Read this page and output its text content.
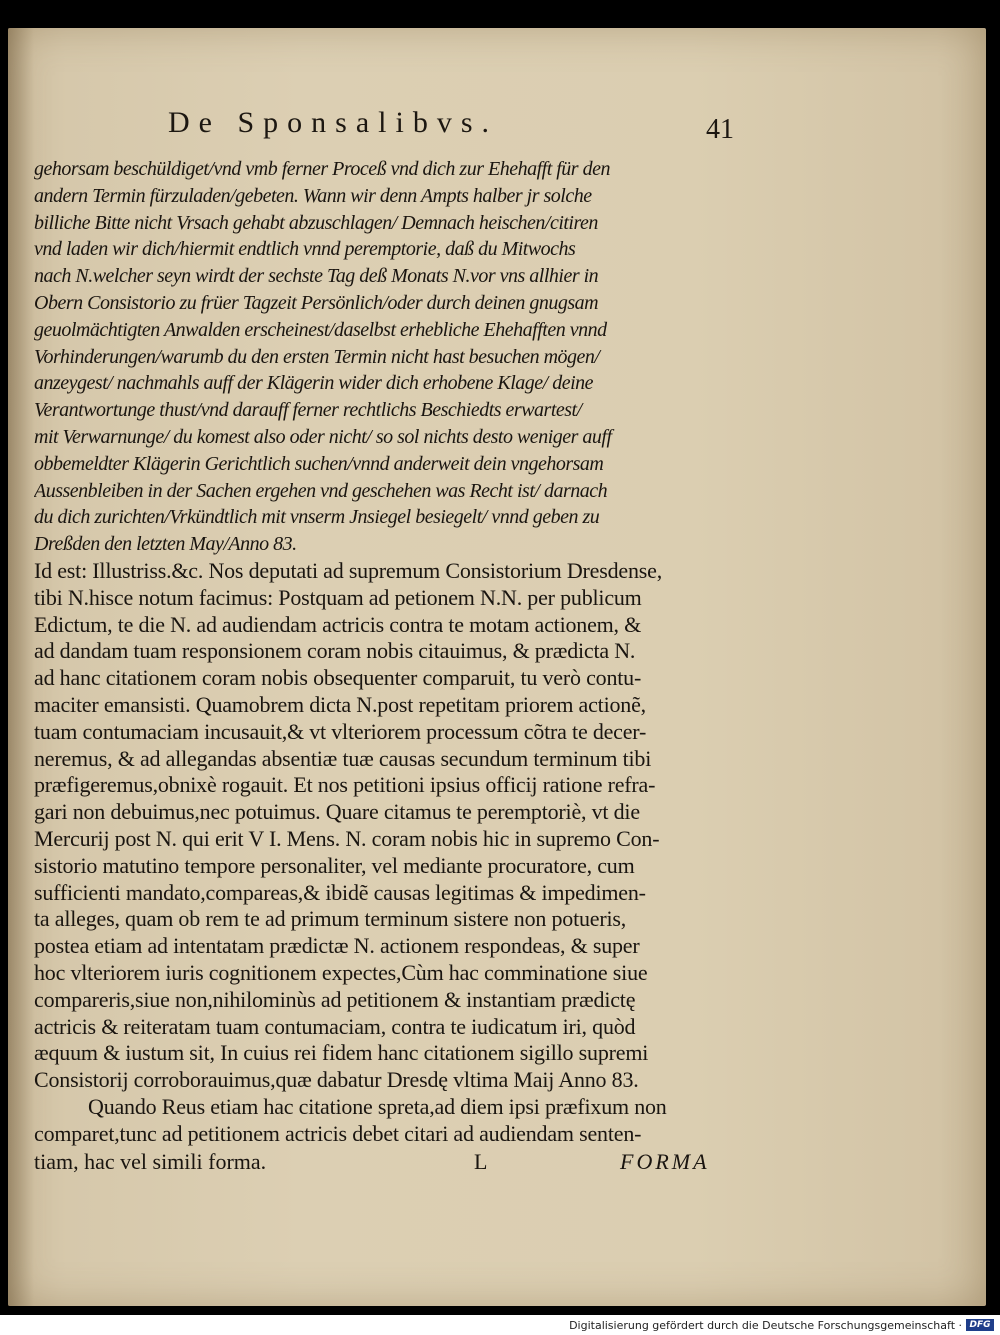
De Sponsalibvs.	41
gehorsam beschüldiget/vnd vmb ferner Proceß vnd dich zur Ehehafft für den
andern Termin fürzuladen/gebeten. Wann wir denn Ampts halber jr solche
billiche Bitte nicht Vrsach gehabt abzuschlagen/ Demnach heischen/citiren
vnd laden wir dich/hiermit endtlich vnnd peremptorie, daß du Mitwochs
nach N.welcher seyn wirdt der sechste Tag deß Monats N.vor vns allhier in
Obern Consistorio zu früer Tagzeit Persönlich/oder durch deinen gnugsam
geuolmächtigten Anwalden erscheinest/daselbst erhebliche Ehehafften vnnd
Vorhinderungen/warumb du den ersten Termin nicht hast besuchen mögen/
anzeygest/ nachmahls auff der Klägerin wider dich erhobene Klage/ deine
Verantwortunge thust/vnd darauff ferner rechtlichs Beschiedts erwartest/
mit Verwarnunge/ du komest also oder nicht/ so sol nichts desto weniger auff
obbemeldter Klägerin Gerichtlich suchen/vnnd anderweit dein vngehorsam
Aussenbleiben in der Sachen ergehen vnd geschehen was Recht ist/ darnach
du dich zurichten/Vrkündtlich mit vnserm Jnsiegel besiegelt/ vnnd geben zu
Dreßden den letzten May/Anno 83.
Id est: Illustriss.&c. Nos deputati ad supremum Consistorium Dresdense,
tibi N.hisce notum facimus: Postquam ad petionem N.N. per publicum
Edictum, te die N. ad audiendam actricis contra te motam actionem, &
ad dandam tuam responsionem coram nobis citauimus, & prædicta N.
ad hanc citationem coram nobis obsequenter comparuit, tu verò contu-
maciter emansisti. Quamobrem dicta N.post repetitam priorem actionẽ,
tuam contumaciam incusauit,& vt vlteriorem processum cõtra te decer-
neremus, & ad allegandas absentiæ tuæ causas secundum terminum tibi
præfigeremus,obnixè rogauit. Et nos petitioni ipsius officij ratione refra-
gari non debuimus,nec potuimus. Quare citamus te peremptoriè, vt die
Mercurij post N. qui erit V I. Mens. N. coram nobis hic in supremo Con-
sistorio matutino tempore personaliter, vel mediante procuratore, cum
sufficienti mandato,compareas,& ibidẽ causas legitimas & impedimen-
ta alleges, quam ob rem te ad primum terminum sistere non potueris,
postea etiam ad intentatam prædictæ N. actionem respondeas, & super
hoc vlteriorem iuris cognitionem expectes,Cùm hac comminatione siue
compareris,siue non,nihilominùs ad petitionem & instantiam prædictę
actricis & reiteratam tuam contumaciam, contra te iudicatum iri, quòd
æquum & iustum sit, In cuius rei fidem hanc citationem sigillo supremi
Consistorij corroborauimus,quæ dabatur Dresdę vltima Maij Anno 83.
Quando Reus etiam hac citatione spreta,ad diem ipsi præfixum non
comparet,tunc ad petitionem actricis debet citari ad audiendam senten-
tiam, hac vel simili forma.	L	FORMA
Digitalisierung gefördert durch die Deutsche Forschungsgemeinschaft · DFG
